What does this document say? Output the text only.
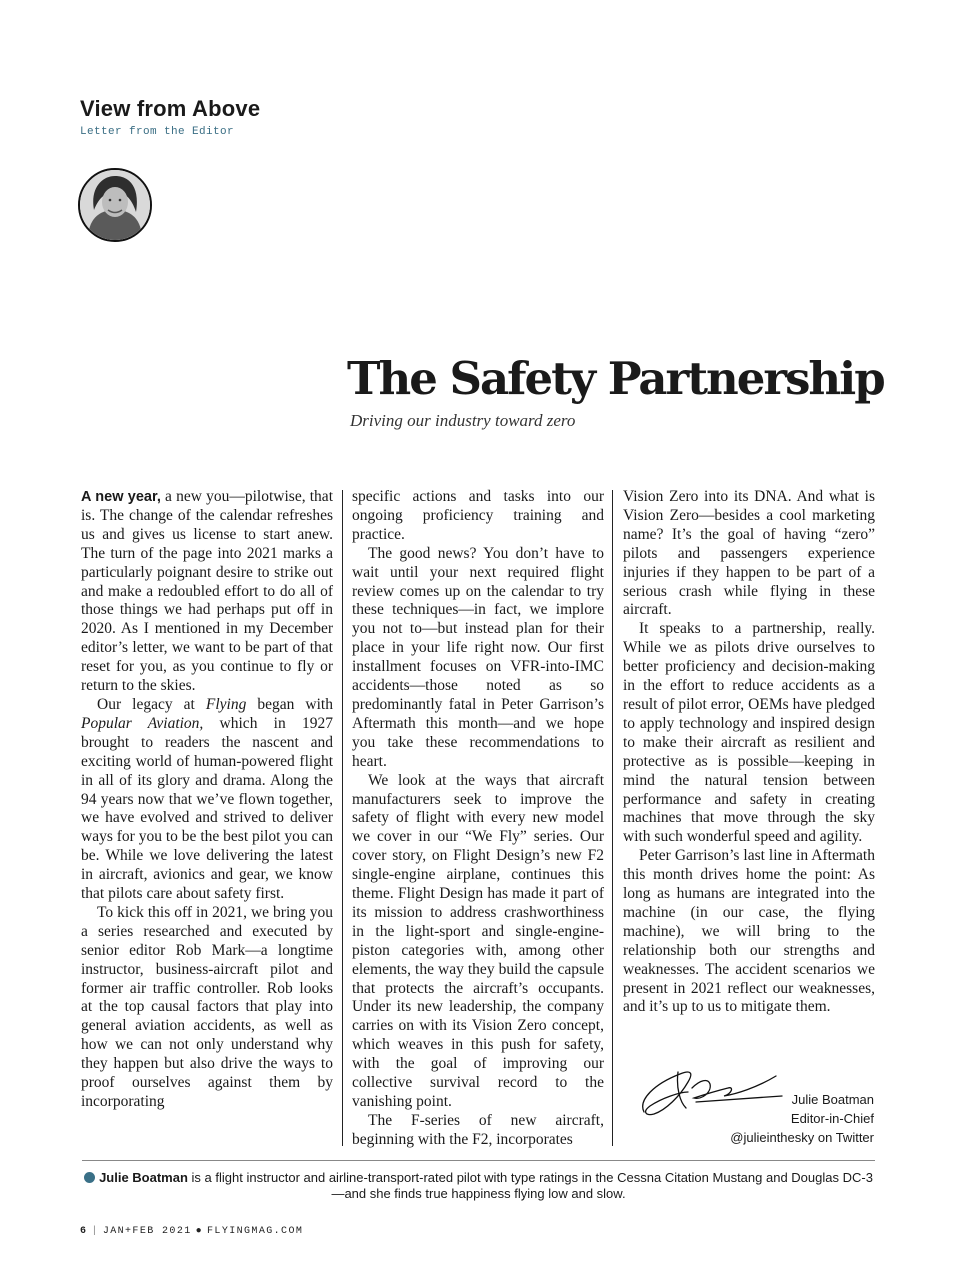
View from Above
Letter from the Editor
The Safety Partnership
Driving our industry toward zero

A new year, a new you—pilotwise, that is. The change of the calendar refreshes us and gives us license to start anew. The turn of the page into 2021 marks a particularly poignant desire to strike out and make a redoubled effort to do all of those things we had perhaps put off in 2020. As I mentioned in my December editor’s letter, we want to be part of that reset for you, as you continue to fly or return to the skies.

Our legacy at Flying began with Popular Aviation, which in 1927 brought to readers the nascent and exciting world of human-powered flight in all of its glory and drama. Along the 94 years now that we’ve flown together, we have evolved and strived to deliver ways for you to be the best pilot you can be. While we love delivering the latest in aircraft, avionics and gear, we know that pilots care about safety first.

To kick this off in 2021, we bring you a series researched and executed by senior editor Rob Mark—a longtime instructor, business-aircraft pilot and former air traffic controller. Rob looks at the top causal factors that play into general aviation accidents, as well as how we can not only understand why they happen but also drive the ways to proof ourselves against them by incorporating

specific actions and tasks into our ongoing proficiency training and practice.

The good news? You don’t have to wait until your next required flight review comes up on the calendar to try these techniques—in fact, we implore you not to—but instead plan for their place in your life right now. Our first installment focuses on VFR-into-IMC accidents—those noted as so predominantly fatal in Peter Garrison’s Aftermath this month—and we hope you take these recommendations to heart.

We look at the ways that aircraft manufacturers seek to improve the safety of flight with every new model we cover in our “We Fly” series. Our cover story, on Flight Design’s new F2 single-engine airplane, continues this theme. Flight Design has made it part of its mission to address crashworthiness in the light-sport and single-engine-piston categories with, among other elements, the way they build the capsule that protects the aircraft’s occupants. Under its new leadership, the company carries on with its Vision Zero concept, which weaves in this push for safety, with the goal of improving our collective survival record to the vanishing point.

The F-series of new aircraft, beginning with the F2, incorporates

Vision Zero into its DNA. And what is Vision Zero—besides a cool marketing name? It’s the goal of having “zero” pilots and passengers experience injuries if they happen to be part of a serious crash while flying in these aircraft.

It speaks to a partnership, really. While we as pilots drive ourselves to better proficiency and decision-making in the effort to reduce accidents as a result of pilot error, OEMs have pledged to apply technology and inspired design to make their aircraft as resilient and protective as is possible—keeping in mind the natural tension between performance and safety in creating machines that move through the sky with such wonderful speed and agility.

Peter Garrison’s last line in Aftermath this month drives home the point: As long as humans are integrated into the machine (in our case, the flying machine), we will bring to the relationship both our strengths and weaknesses. The accident scenarios we present in 2021 reflect our weaknesses, and it’s up to us to mitigate them.

Julie Boatman
Editor-in-Chief
@julieinthesky on Twitter
Julie Boatman is a flight instructor and airline-transport-rated pilot with type ratings in the Cessna Citation Mustang and Douglas DC-3—and she finds true happiness flying low and slow.
6 | JAN+FEB 2021 ● FLYINGMAG.COM
